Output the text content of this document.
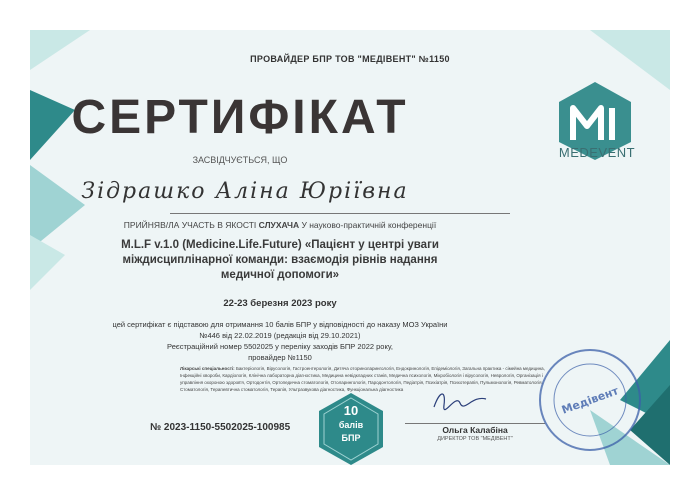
ПРОВАЙДЕР БПР ТОВ "МЕДІВЕНТ" №1150
СЕРТИФІКАТ
ЗАСВІДЧУЄТЬСЯ, ЩО
Зідрашко Аліна Юріївна
ПРИЙНЯВ/ЛА УЧАСТЬ В ЯКОСТІ СЛУХАЧА У науково-практичній конференції
M.L.F v.1.0 (Medicine.Life.Future) «Пацієнт у центрі уваги
міждисциплінарної команди: взаємодія рівнів надання
медичної допомоги»
22-23 березня 2023 року
цей сертифікат є підставою для отримання 10 балів БПР у відповідності до наказу МОЗ України
№446 від 22.02.2019 (редакція від 29.10.2021)
Реєстраційний номер 5502025 у переліку заходів БПР 2022 року,
провайдер №1150
Лікарські спеціальності: Бактеріологія, Вірусологія, Гастроентерологія, Дитяча оториноларингологія, Ендокринологія, Епідеміологія, Загальна практика - сімейна медицина, Інфекційні хвороби, Кардіологія, Клінічна лабораторна діагностика, Медицина невідкладних станів, Медична психологія, Мікробіологія і вірусологія, Неврологія, Організація і управління охороною здоров'я, Ортодонтія, Ортопедична стоматологія, Отоларингологія, Пародонтологія, Педіатрія, Психіатрія, Психотерапія, Пульмонологія, Ревматологія, Стоматологія, Терапевтична стоматологія, Терапія, Ультразвукова діагностика, Функціональна діагностика
№ 2023-1150-5502025-100985
10
балів
БПР
Ольга Калабіна
ДИРЕКТОР ТОВ "МЕДІВЕНТ"
Медівент
MEDEVENT
